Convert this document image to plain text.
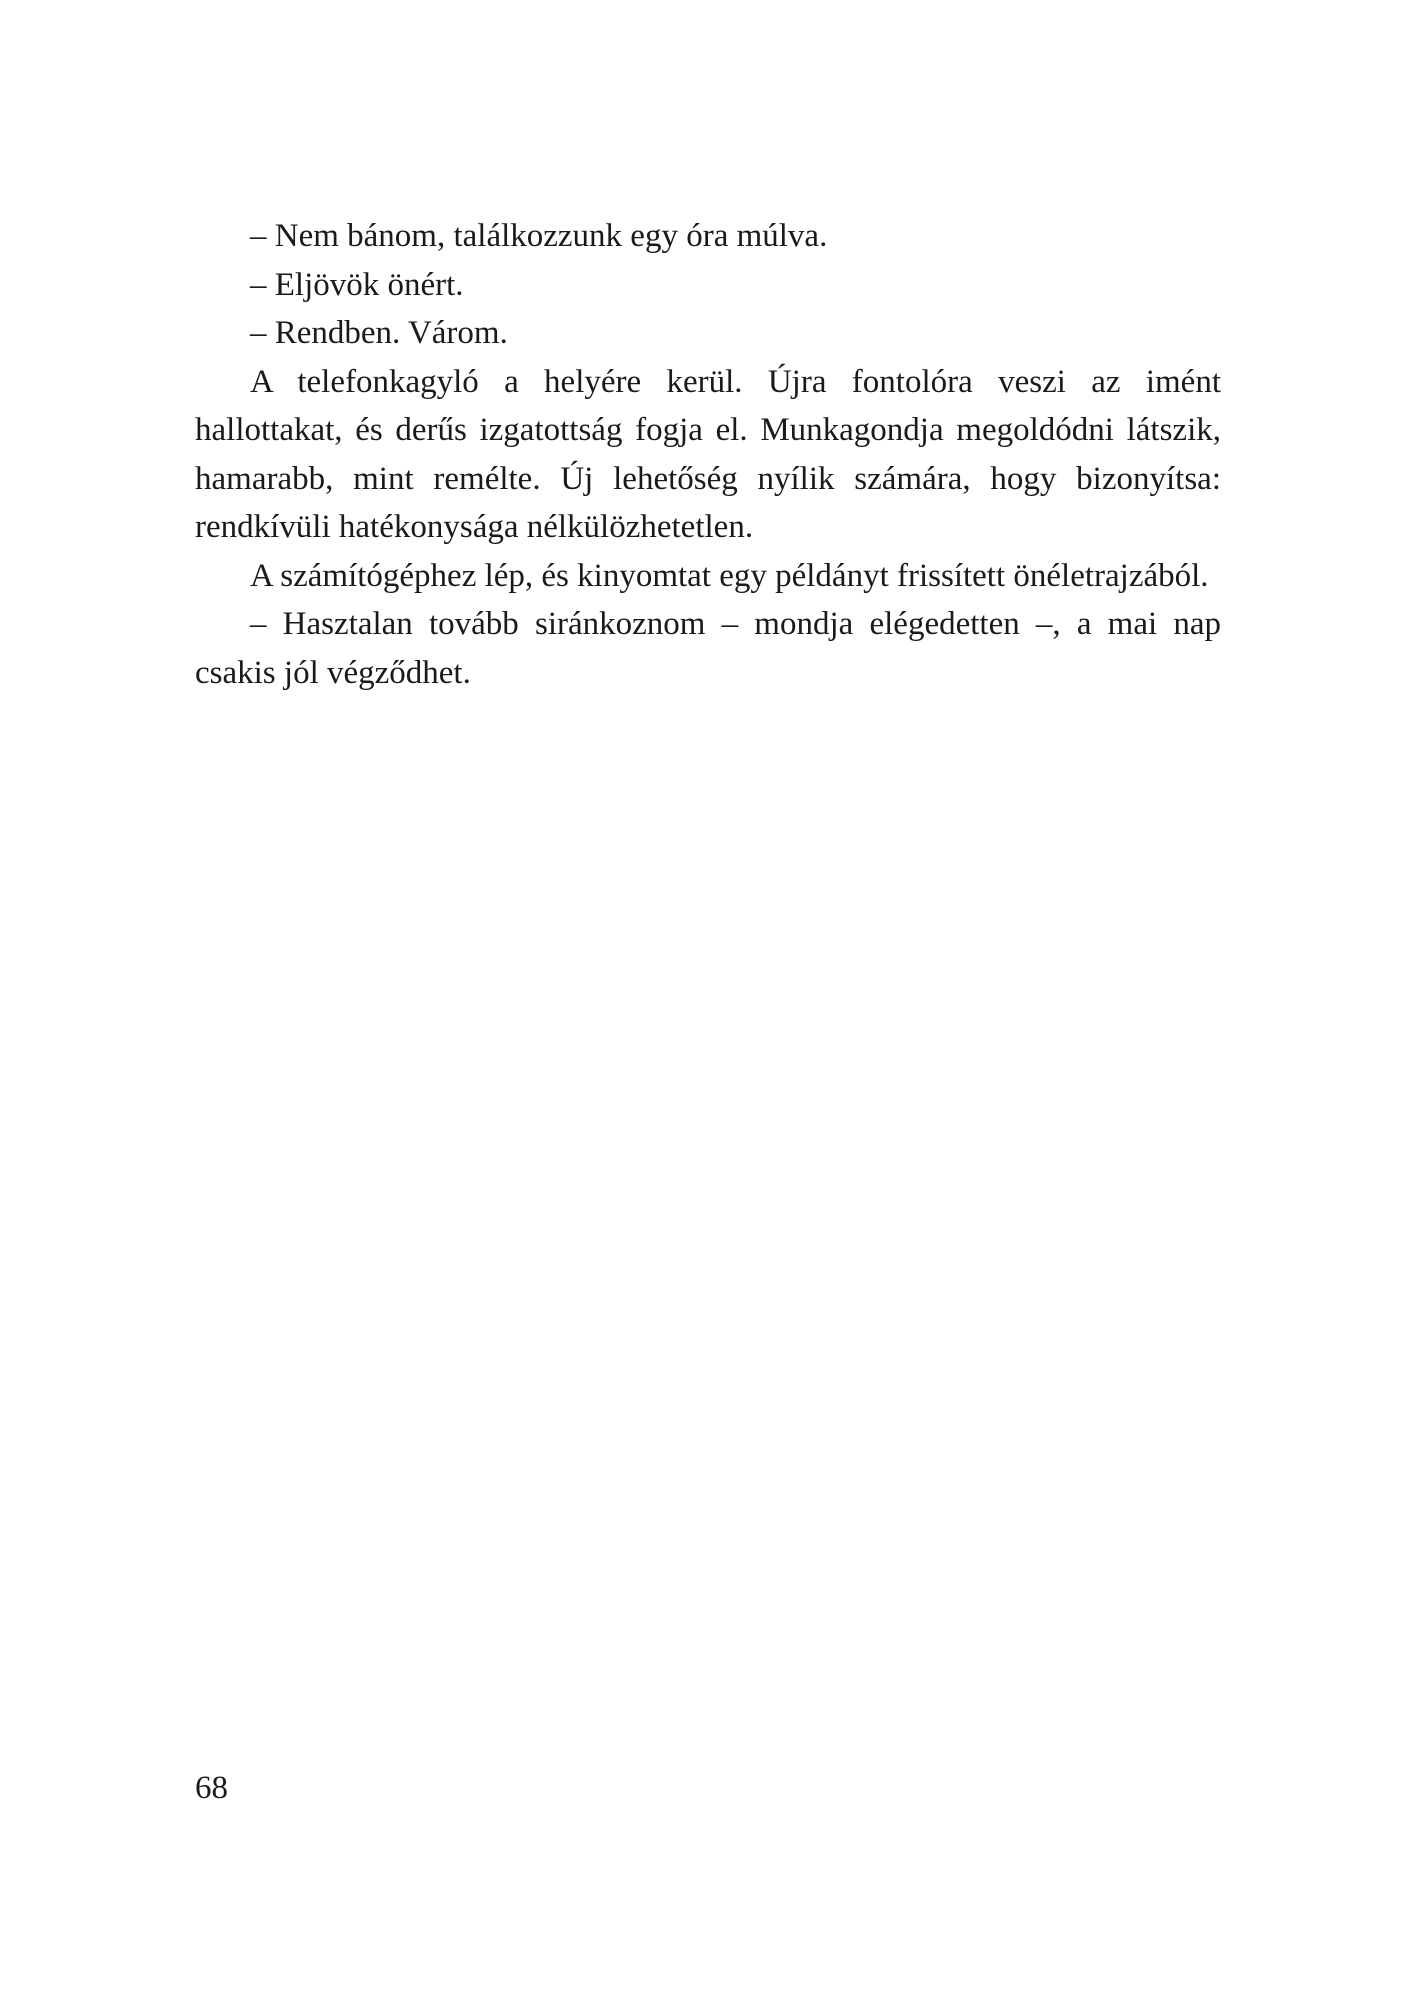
– Nem bánom, találkozzunk egy óra múlva.

– Eljövök önért.

– Rendben. Várom.

A telefonkagyló a helyére kerül. Újra fontolóra veszi az imént hallottakat, és derűs izgatottság fogja el. Munkagondja megoldódni látszik, hamarabb, mint remélte. Új lehetőség nyílik számára, hogy bizonyítsa: rendkívüli hatékonysága nélkülözhetetlen.

A számítógéphez lép, és kinyomtat egy példányt frissített önéletrajzából.

– Hasztalan tovább siránkoznom – mondja elégedetten –, a mai nap csakis jól végződhet.

68
